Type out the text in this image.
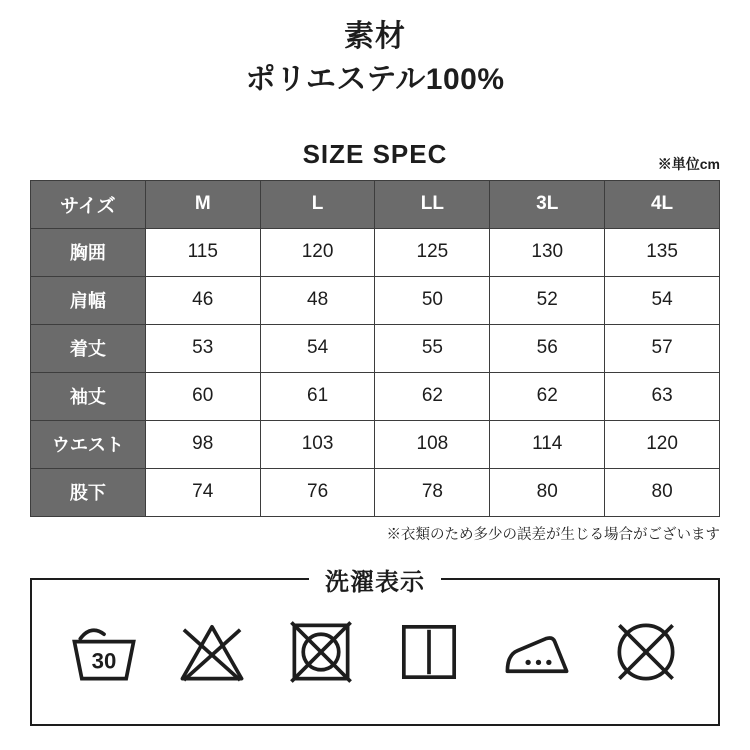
素材
ポリエステル100%
SIZE SPEC	※単位cm
サイズ	M	L	LL	3L	4L
胸囲	115	120	125	130	135
肩幅	46	48	50	52	54
着丈	53	54	55	56	57
袖丈	60	61	62	62	63
ウエスト	98	103	108	114	120
股下	74	76	78	80	80
※衣類のため多少の誤差が生じる場合がございます
洗濯表示
30
